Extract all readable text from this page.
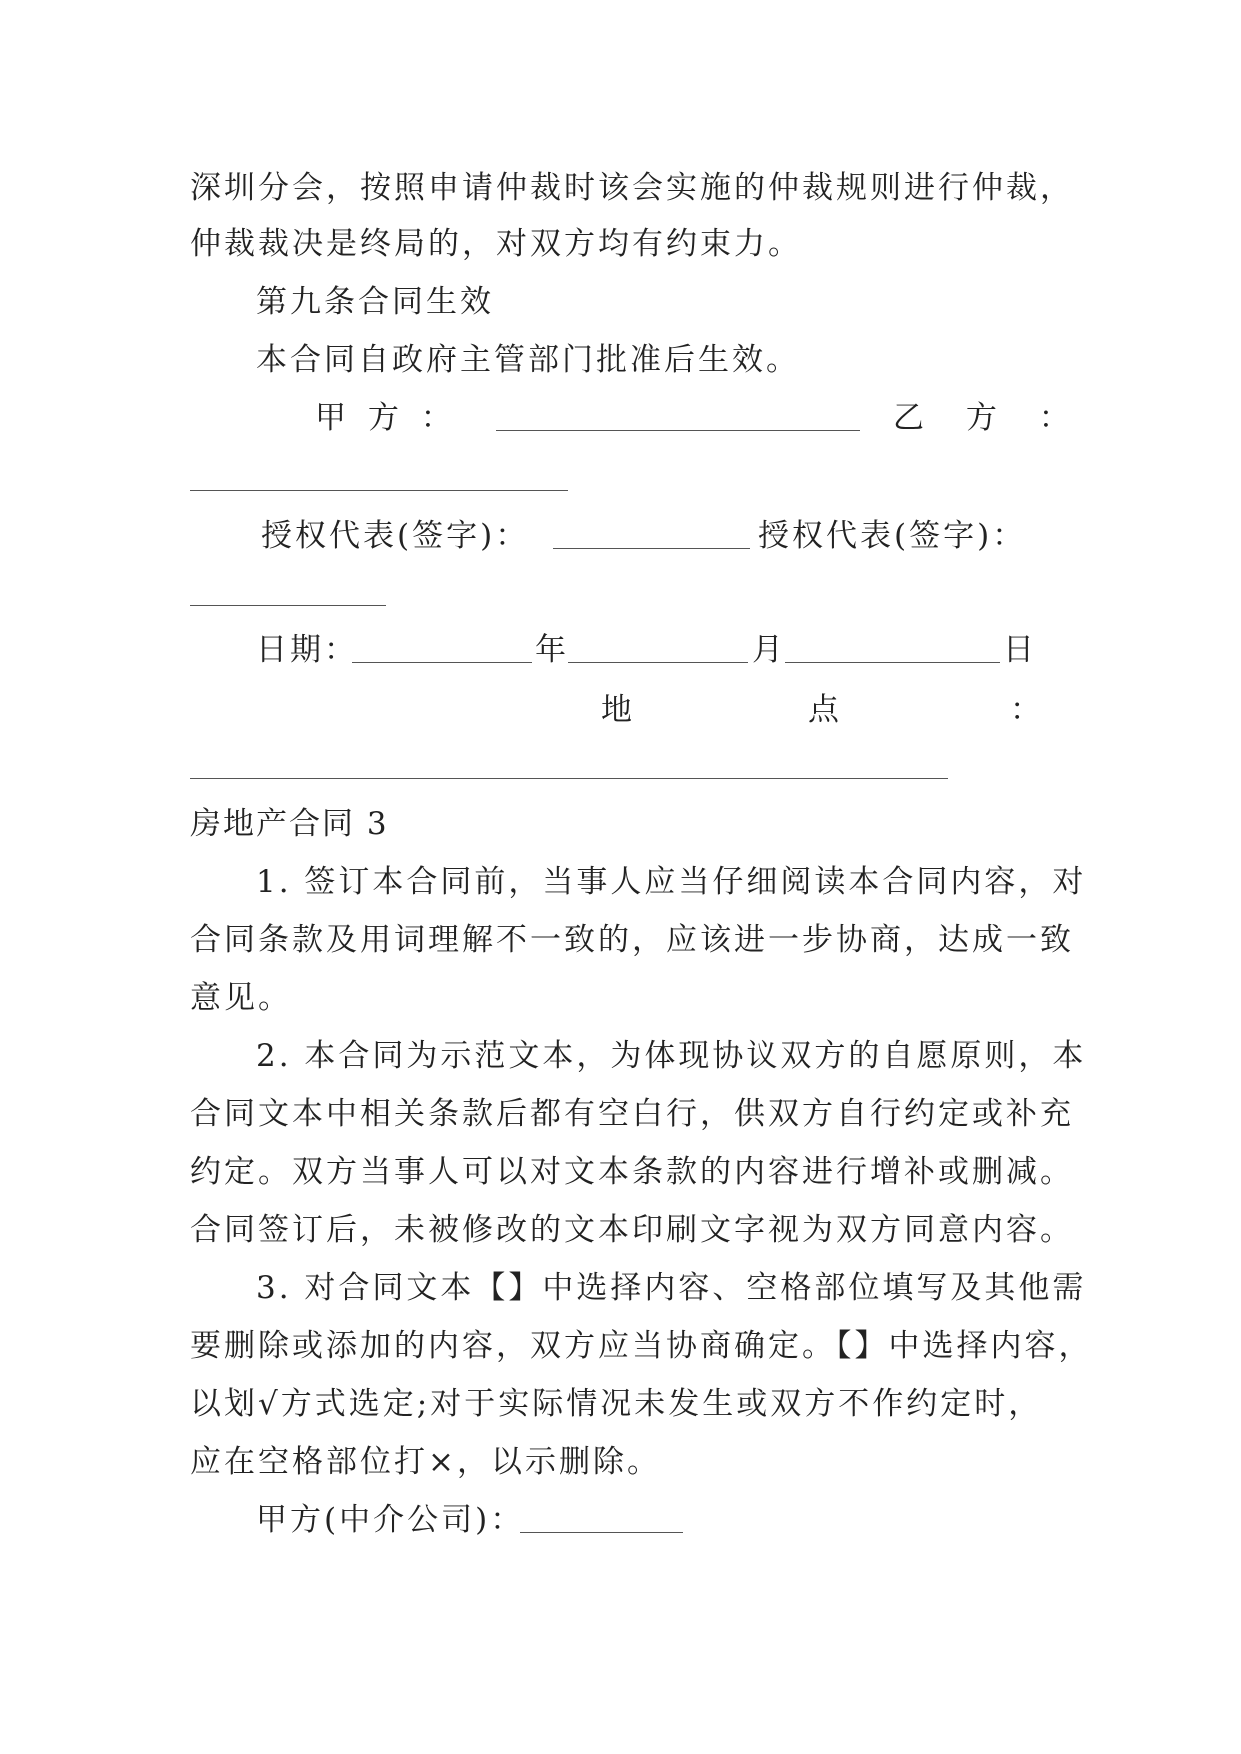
深圳分会，按照申请仲裁时该会实施的仲裁规则进行仲裁，
仲裁裁决是终局的，对双方均有约束力。
第九条合同生效
本合同自政府主管部门批准后生效。
甲 方 ：	乙 方 ：
授权代表(签字)：	授权代表(签字)：
日期：	年	月	日
地	点	：
房地产合同 3
1. 签订本合同前，当事人应当仔细阅读本合同内容，对
合同条款及用词理解不一致的，应该进一步协商，达成一致
意见。
2. 本合同为示范文本，为体现协议双方的自愿原则，本
合同文本中相关条款后都有空白行，供双方自行约定或补充
约定。双方当事人可以对文本条款的内容进行增补或删减。
合同签订后，未被修改的文本印刷文字视为双方同意内容。
3. 对合同文本【】中选择内容、空格部位填写及其他需
要删除或添加的内容，双方应当协商确定。【】中选择内容，
以划√方式选定;对于实际情况未发生或双方不作约定时，
应在空格部位打×，以示删除。
甲方(中介公司)：
